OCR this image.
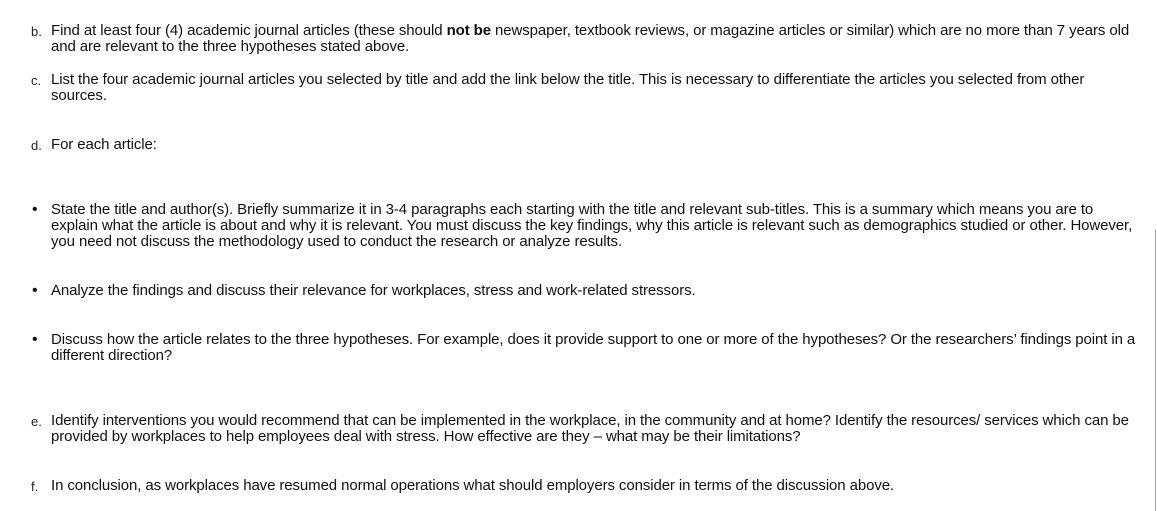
b. Find at least four (4) academic journal articles (these should not be newspaper, textbook reviews, or magazine articles or similar) which are no more than 7 years old and are relevant to the three hypotheses stated above.
c. List the four academic journal articles you selected by title and add the link below the title. This is necessary to differentiate the articles you selected from other sources.
d. For each article:
• State the title and author(s). Briefly summarize it in 3-4 paragraphs each starting with the title and relevant sub-titles. This is a summary which means you are to explain what the article is about and why it is relevant. You must discuss the key findings, why this article is relevant such as demographics studied or other. However, you need not discuss the methodology used to conduct the research or analyze results.
• Analyze the findings and discuss their relevance for workplaces, stress and work-related stressors.
• Discuss how the article relates to the three hypotheses. For example, does it provide support to one or more of the hypotheses? Or the researchers’ findings point in a different direction?
e. Identify interventions you would recommend that can be implemented in the workplace, in the community and at home? Identify the resources/ services which can be provided by workplaces to help employees deal with stress. How effective are they – what may be their limitations?
f. In conclusion, as workplaces have resumed normal operations what should employers consider in terms of the discussion above.
